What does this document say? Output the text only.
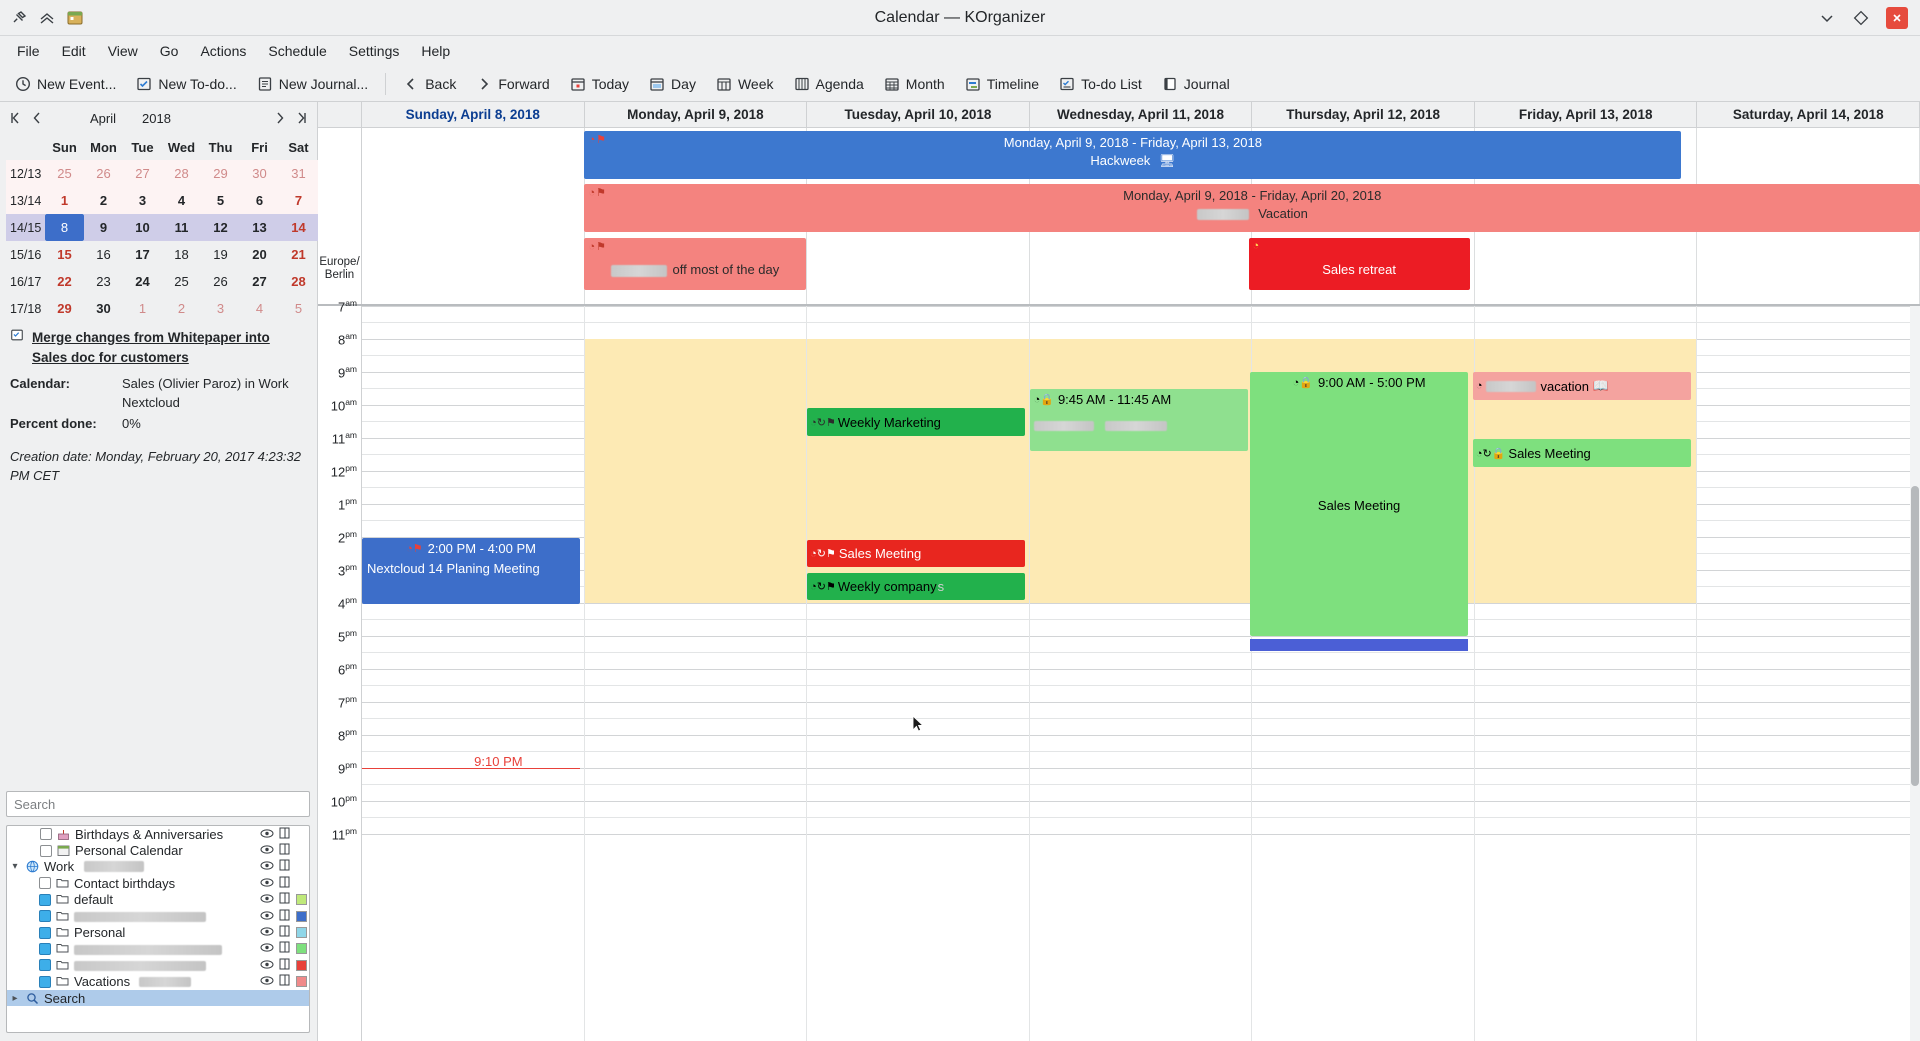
Calendar — KOrganizer
File	Edit	View	Go	Actions	Schedule	Settings	Help
New Event...	New To-do...	New Journal...	Back	Forward	Today	Day	Week	Agenda	Month	Timeline	To-do List	Journal
April 2018
	Sun	Mon	Tue	Wed	Thu	Fri	Sat
12/13	25	26	27	28	29	30	31
13/14	1	2	3	4	5	6	7
14/15	8	9	10	11	12	13	14
15/16	15	16	17	18	19	20	21
16/17	22	23	24	25	26	27	28
17/18	29	30	1	2	3	4	5
Merge changes from Whitepaper into Sales doc for customers
Calendar:	Sales (Olivier Paroz) in Work Nextcloud
Percent done:	0%
Creation date: Monday, February 20, 2017 4:23:32 PM CET
Search
Birthdays & Anniversaries
Personal Calendar
▾ Work
Contact birthdays
default
Personal
Vacations
▸ Search
Sunday, April 8, 2018	Monday, April 9, 2018	Tuesday, April 10, 2018	Wednesday, April 11, 2018	Thursday, April 12, 2018	Friday, April 13, 2018	Saturday, April 14, 2018
Europe/
Berlin
◔⚑	Monday, April 9, 2018 - Friday, April 13, 2018
Hackweek 🖥
◔⚑	Monday, April 9, 2018 - Friday, April 20, 2018
Vacation
◔⚑
off most of the day
◔
Sales retreat
$7^{am}$
$8^{am}$
$9^{am}$
$10^{am}$
$11^{am}$
$12^{pm}$
$1^{pm}$
$2^{pm}$
$3^{pm}$
$4^{pm}$
$5^{pm}$
$6^{pm}$
$7^{pm}$
$8^{pm}$
$9^{pm}$
$10^{pm}$
$11^{pm}$
◔↻⚑ Weekly Marketing
◔🔒 9:45 AM - 11:45 AM

◔🔒 9:00 AM - 5:00 PM
Sales Meeting
◔	vacation 📖
◔↻🔒 Sales Meeting
◔⚑ 2:00 PM - 4:00 PM
Nextcloud 14 Planing Meeting
◔↻⚑ Sales Meeting
◔↻⚑ Weekly company s
9:10 PM
